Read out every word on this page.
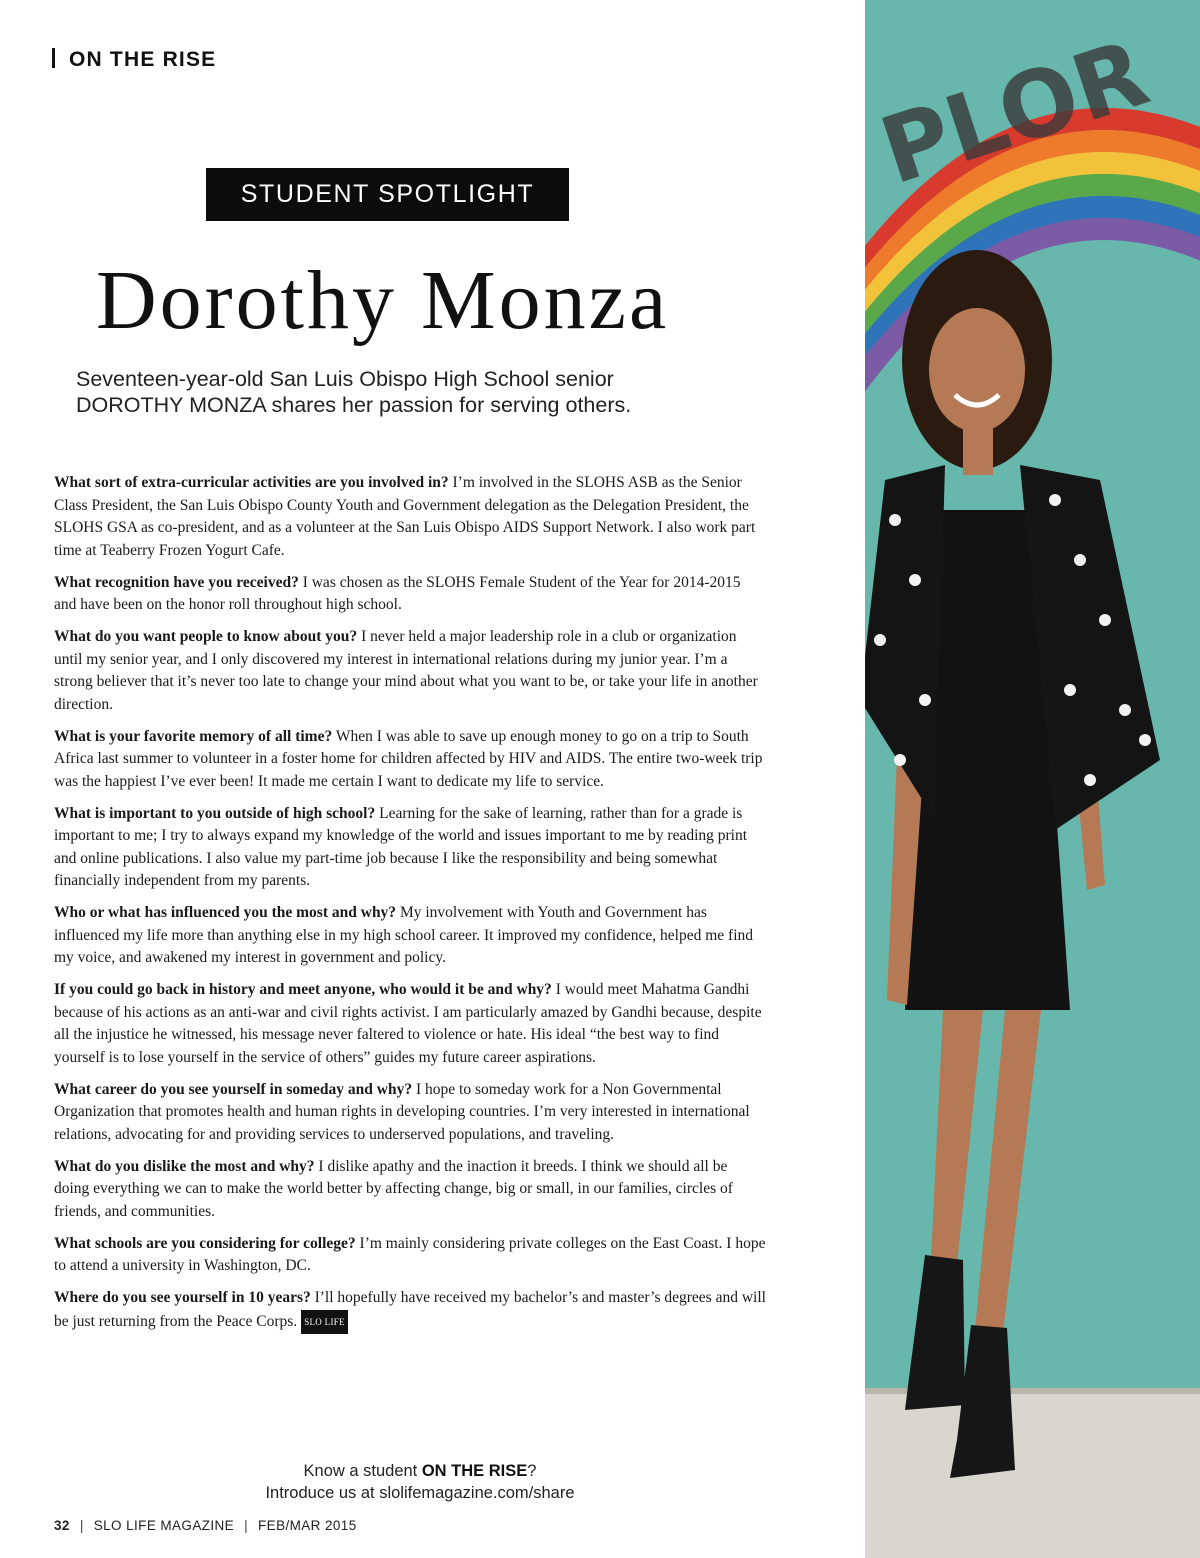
ON THE RISE
STUDENT SPOTLIGHT
Dorothy Monza
Seventeen-year-old San Luis Obispo High School senior
DOROTHY MONZA shares her passion for serving others.

What sort of extra-curricular activities are you involved in? I’m involved in the SLOHS ASB as the Senior Class President, the San Luis Obispo County Youth and Government delegation as the Delegation President, the SLOHS GSA as co-president, and as a volunteer at the San Luis Obispo AIDS Support Network. I also work part time at Teaberry Frozen Yogurt Cafe.

What recognition have you received? I was chosen as the SLOHS Female Student of the Year for 2014-2015 and have been on the honor roll throughout high school.

What do you want people to know about you? I never held a major leadership role in a club or organization until my senior year, and I only discovered my interest in international relations during my junior year. I’m a strong believer that it’s never too late to change your mind about what you want to be, or take your life in another direction.

What is your favorite memory of all time? When I was able to save up enough money to go on a trip to South Africa last summer to volunteer in a foster home for children affected by HIV and AIDS. The entire two-week trip was the happiest I’ve ever been! It made me certain I want to dedicate my life to service.

What is important to you outside of high school? Learning for the sake of learning, rather than for a grade is important to me; I try to always expand my knowledge of the world and issues important to me by reading print and online publications. I also value my part-time job because I like the responsibility and being somewhat financially independent from my parents.

Who or what has influenced you the most and why? My involvement with Youth and Government has influenced my life more than anything else in my high school career. It improved my confidence, helped me find my voice, and awakened my interest in government and policy.

If you could go back in history and meet anyone, who would it be and why? I would meet Mahatma Gandhi because of his actions as an anti-war and civil rights activist. I am particularly amazed by Gandhi because, despite all the injustice he witnessed, his message never faltered to violence or hate. His ideal “the best way to find yourself is to lose yourself in the service of others” guides my future career aspirations.

What career do you see yourself in someday and why? I hope to someday work for a Non Governmental Organization that promotes health and human rights in developing countries. I’m very interested in international relations, advocating for and providing services to underserved populations, and traveling.

What do you dislike the most and why? I dislike apathy and the inaction it breeds. I think we should all be doing everything we can to make the world better by affecting change, big or small, in our families, circles of friends, and communities.

What schools are you considering for college? I’m mainly considering private colleges on the East Coast. I hope to attend a university in Washington, DC.

Where do you see yourself in 10 years? I’ll hopefully have received my bachelor’s and master’s degrees and will be just returning from the Peace Corps. SLO LIFE

Know a student ON THE RISE?
Introduce us at slolifemagazine.com/share
32 | SLO LIFE MAGAZINE | FEB/MAR 2015
PLOR
